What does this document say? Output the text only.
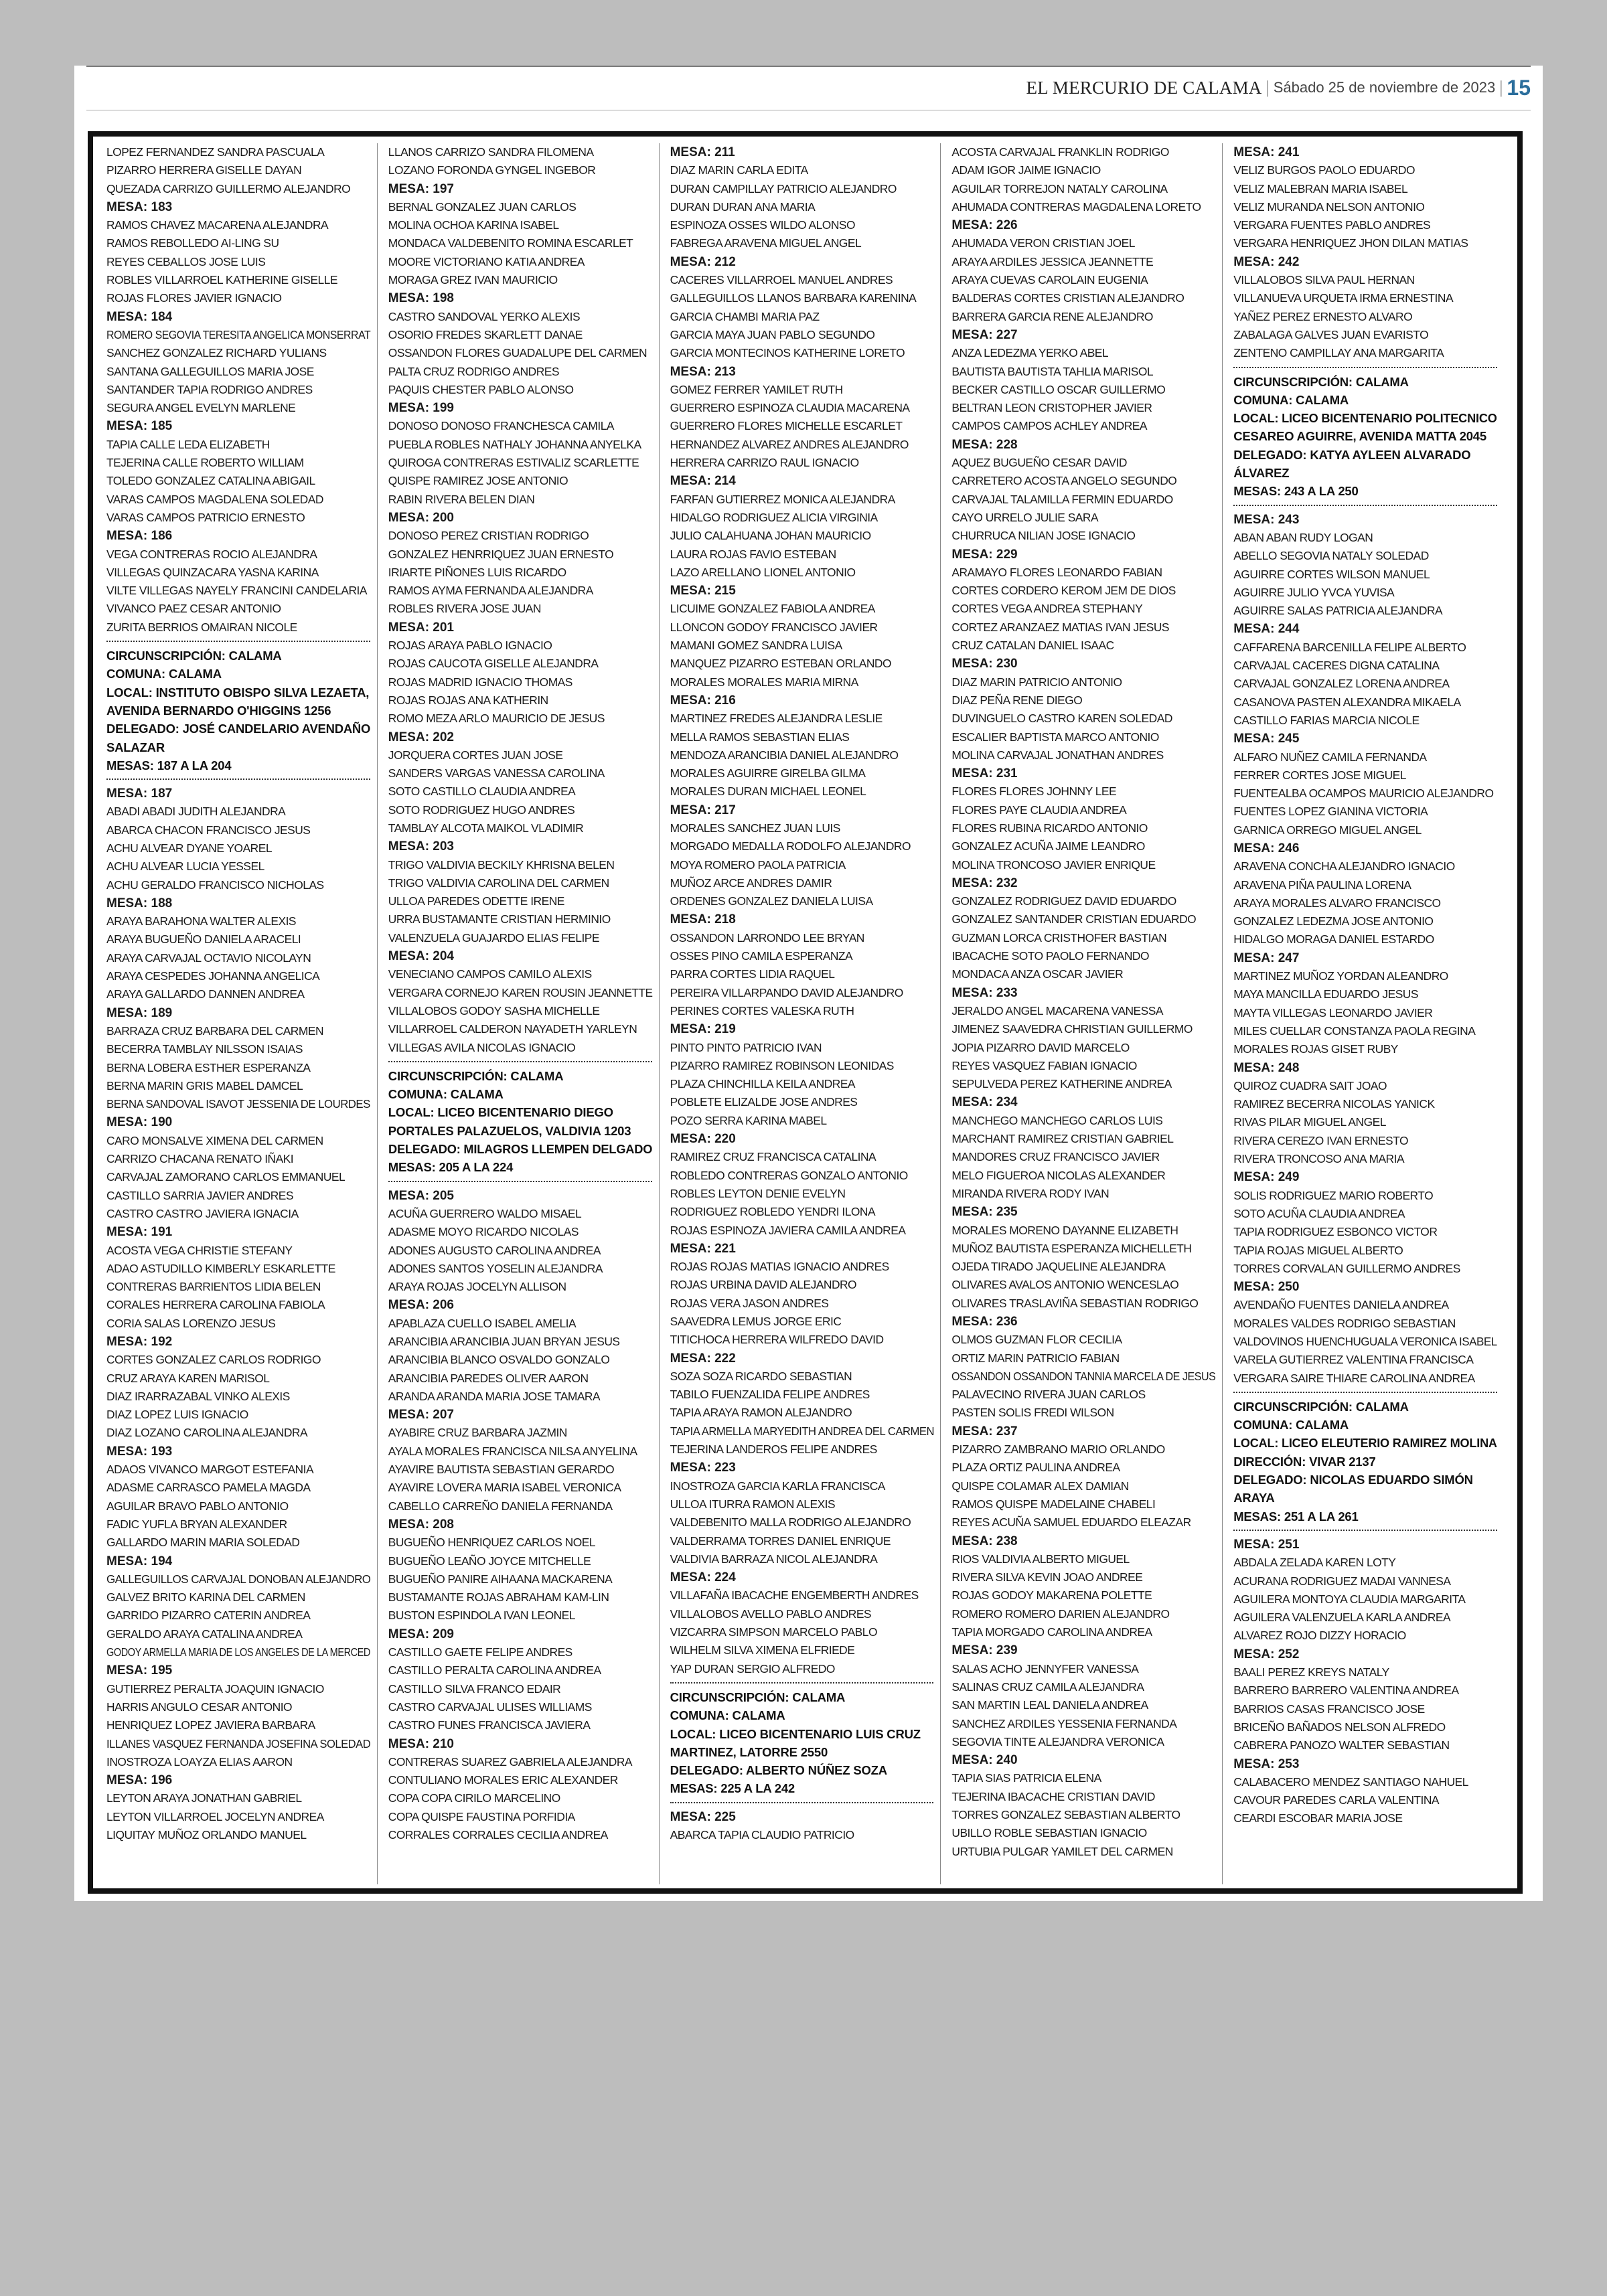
EL MERCURIO DE CALAMA | Sábado 25 de noviembre de 2023 | 15
LOPEZ FERNANDEZ SANDRA PASCUALA
PIZARRO HERRERA GISELLE DAYAN
QUEZADA CARRIZO GUILLERMO ALEJANDRO
MESA: 183
RAMOS CHAVEZ MACARENA ALEJANDRA
RAMOS REBOLLEDO AI-LING SU
REYES CEBALLOS JOSE LUIS
ROBLES VILLARROEL KATHERINE GISELLE
ROJAS FLORES JAVIER IGNACIO
MESA: 184
ROMERO SEGOVIA TERESITA ANGELICA MONSERRAT
SANCHEZ GONZALEZ RICHARD YULIANS
SANTANA GALLEGUILLOS MARIA JOSE
SANTANDER TAPIA RODRIGO ANDRES
SEGURA ANGEL EVELYN MARLENE
MESA: 185
TAPIA CALLE LEDA ELIZABETH
TEJERINA CALLE ROBERTO WILLIAM
TOLEDO GONZALEZ CATALINA ABIGAIL
VARAS CAMPOS MAGDALENA SOLEDAD
VARAS CAMPOS PATRICIO ERNESTO
MESA: 186
VEGA CONTRERAS ROCIO ALEJANDRA
VILLEGAS QUINZACARA YASNA KARINA
VILTE VILLEGAS NAYELY FRANCINI CANDELARIA
VIVANCO PAEZ CESAR ANTONIO
ZURITA BERRIOS OMAIRAN NICOLE
CIRCUNSCRIPCIÓN: CALAMA
COMUNA: CALAMA
LOCAL: INSTITUTO OBISPO SILVA LEZAETA,
AVENIDA BERNARDO O'HIGGINS 1256
DELEGADO: JOSÉ CANDELARIO AVENDAÑO
SALAZAR
MESAS: 187 A LA 204
MESA: 187
ABADI ABADI JUDITH ALEJANDRA
ABARCA CHACON FRANCISCO JESUS
ACHU ALVEAR DYANE YOAREL
ACHU ALVEAR LUCIA YESSEL
ACHU GERALDO FRANCISCO NICHOLAS
MESA: 188
ARAYA BARAHONA WALTER ALEXIS
ARAYA BUGUEÑO DANIELA ARACELI
ARAYA CARVAJAL OCTAVIO NICOLAYN
ARAYA CESPEDES JOHANNA ANGELICA
ARAYA GALLARDO DANNEN ANDREA
MESA: 189
BARRAZA CRUZ BARBARA DEL CARMEN
BECERRA TAMBLAY NILSSON ISAIAS
BERNA LOBERA ESTHER ESPERANZA
BERNA MARIN GRIS MABEL DAMCEL
BERNA SANDOVAL ISAVOT JESSENIA DE LOURDES
MESA: 190
CARO MONSALVE XIMENA DEL CARMEN
CARRIZO CHACANA RENATO IÑAKI
CARVAJAL ZAMORANO CARLOS EMMANUEL
CASTILLO SARRIA JAVIER ANDRES
CASTRO CASTRO JAVIERA IGNACIA
MESA: 191
ACOSTA VEGA CHRISTIE STEFANY
ADAO ASTUDILLO KIMBERLY ESKARLETTE
CONTRERAS BARRIENTOS LIDIA BELEN
CORALES HERRERA CAROLINA FABIOLA
CORIA SALAS LORENZO JESUS
MESA: 192
CORTES GONZALEZ CARLOS RODRIGO
CRUZ ARAYA KAREN MARISOL
DIAZ IRARRAZABAL VINKO ALEXIS
DIAZ LOPEZ LUIS IGNACIO
DIAZ LOZANO CAROLINA ALEJANDRA
MESA: 193
ADAOS VIVANCO MARGOT ESTEFANIA
ADASME CARRASCO PAMELA MAGDA
AGUILAR BRAVO PABLO ANTONIO
FADIC YUFLA BRYAN ALEXANDER
GALLARDO MARIN MARIA SOLEDAD
MESA: 194
GALLEGUILLOS CARVAJAL DONOBAN ALEJANDRO
GALVEZ BRITO KARINA DEL CARMEN
GARRIDO PIZARRO CATERIN ANDREA
GERALDO ARAYA CATALINA ANDREA
GODOY ARMELLA MARIA DE LOS ANGELES DE LA MERCED
MESA: 195
GUTIERREZ PERALTA JOAQUIN IGNACIO
HARRIS ANGULO CESAR ANTONIO
HENRIQUEZ LOPEZ JAVIERA BARBARA
ILLANES VASQUEZ FERNANDA JOSEFINA SOLEDAD
INOSTROZA LOAYZA ELIAS AARON
MESA: 196
LEYTON ARAYA JONATHAN GABRIEL
LEYTON VILLARROEL JOCELYN ANDREA
LIQUITAY MUÑOZ ORLANDO MANUEL
LLANOS CARRIZO SANDRA FILOMENA
LOZANO FORONDA GYNGEL INGEBOR
MESA: 197
BERNAL GONZALEZ JUAN CARLOS
MOLINA OCHOA KARINA ISABEL
MONDACA VALDEBENITO ROMINA ESCARLET
MOORE VICTORIANO KATIA ANDREA
MORAGA GREZ IVAN MAURICIO
MESA: 198
CASTRO SANDOVAL YERKO ALEXIS
OSORIO FREDES SKARLETT DANAE
OSSANDON FLORES GUADALUPE DEL CARMEN
PALTA CRUZ RODRIGO ANDRES
PAQUIS CHESTER PABLO ALONSO
MESA: 199
DONOSO DONOSO FRANCHESCA CAMILA
PUEBLA ROBLES NATHALY JOHANNA ANYELKA
QUIROGA CONTRERAS ESTIVALIZ SCARLETTE
QUISPE RAMIREZ JOSE ANTONIO
RABIN RIVERA BELEN DIAN
MESA: 200
DONOSO PEREZ CRISTIAN RODRIGO
GONZALEZ HENRRIQUEZ JUAN ERNESTO
IRIARTE PIÑONES LUIS RICARDO
RAMOS AYMA FERNANDA ALEJANDRA
ROBLES RIVERA JOSE JUAN
MESA: 201
ROJAS ARAYA PABLO IGNACIO
ROJAS CAUCOTA GISELLE ALEJANDRA
ROJAS MADRID IGNACIO THOMAS
ROJAS ROJAS ANA KATHERIN
ROMO MEZA ARLO MAURICIO DE JESUS
MESA: 202
JORQUERA CORTES JUAN JOSE
SANDERS VARGAS VANESSA CAROLINA
SOTO CASTILLO CLAUDIA ANDREA
SOTO RODRIGUEZ HUGO ANDRES
TAMBLAY ALCOTA MAIKOL VLADIMIR
MESA: 203
TRIGO VALDIVIA BECKILY KHRISNA BELEN
TRIGO VALDIVIA CAROLINA DEL CARMEN
ULLOA PAREDES ODETTE IRENE
URRA BUSTAMANTE CRISTIAN HERMINIO
VALENZUELA GUAJARDO ELIAS FELIPE
MESA: 204
VENECIANO CAMPOS CAMILO ALEXIS
VERGARA CORNEJO KAREN ROUSIN JEANNETTE
VILLALOBOS GODOY SASHA MICHELLE
VILLARROEL CALDERON NAYADETH YARLEYN
VILLEGAS AVILA NICOLAS IGNACIO
CIRCUNSCRIPCIÓN: CALAMA
COMUNA: CALAMA
LOCAL: LICEO BICENTENARIO DIEGO
PORTALES PALAZUELOS, VALDIVIA 1203
DELEGADO: MILAGROS LLEMPEN DELGADO
MESAS: 205 A LA 224
MESA: 205
ACUÑA GUERRERO WALDO MISAEL
ADASME MOYO RICARDO NICOLAS
ADONES AUGUSTO CAROLINA ANDREA
ADONES SANTOS YOSELIN ALEJANDRA
ARAYA ROJAS JOCELYN ALLISON
MESA: 206
APABLAZA CUELLO ISABEL AMELIA
ARANCIBIA ARANCIBIA JUAN BRYAN JESUS
ARANCIBIA BLANCO OSVALDO GONZALO
ARANCIBIA PAREDES OLIVER AARON
ARANDA ARANDA MARIA JOSE TAMARA
MESA: 207
AYABIRE CRUZ BARBARA JAZMIN
AYALA MORALES FRANCISCA NILSA ANYELINA
AYAVIRE BAUTISTA SEBASTIAN GERARDO
AYAVIRE LOVERA MARIA ISABEL VERONICA
CABELLO CARREÑO DANIELA FERNANDA
MESA: 208
BUGUEÑO HENRIQUEZ CARLOS NOEL
BUGUEÑO LEAÑO JOYCE MITCHELLE
BUGUEÑO PANIRE AIHAANA MACKARENA
BUSTAMANTE ROJAS ABRAHAM KAM-LIN
BUSTON ESPINDOLA IVAN LEONEL
MESA: 209
CASTILLO GAETE FELIPE ANDRES
CASTILLO PERALTA CAROLINA ANDREA
CASTILLO SILVA FRANCO EDAIR
CASTRO CARVAJAL ULISES WILLIAMS
CASTRO FUNES FRANCISCA JAVIERA
MESA: 210
CONTRERAS SUAREZ GABRIELA ALEJANDRA
CONTULIANO MORALES ERIC ALEXANDER
COPA COPA CIRILO MARCELINO
COPA QUISPE FAUSTINA PORFIDIA
CORRALES CORRALES CECILIA ANDREA
MESA: 211
DIAZ MARIN CARLA EDITA
DURAN CAMPILLAY PATRICIO ALEJANDRO
DURAN DURAN ANA MARIA
ESPINOZA OSSES WILDO ALONSO
FABREGA ARAVENA MIGUEL ANGEL
MESA: 212
CACERES VILLARROEL MANUEL ANDRES
GALLEGUILLOS LLANOS BARBARA KARENINA
GARCIA CHAMBI MARIA PAZ
GARCIA MAYA JUAN PABLO SEGUNDO
GARCIA MONTECINOS KATHERINE LORETO
MESA: 213
GOMEZ FERRER YAMILET RUTH
GUERRERO ESPINOZA CLAUDIA MACARENA
GUERRERO FLORES MICHELLE ESCARLET
HERNANDEZ ALVAREZ ANDRES ALEJANDRO
HERRERA CARRIZO RAUL IGNACIO
MESA: 214
FARFAN GUTIERREZ MONICA ALEJANDRA
HIDALGO RODRIGUEZ ALICIA VIRGINIA
JULIO CALAHUANA JOHAN MAURICIO
LAURA ROJAS FAVIO ESTEBAN
LAZO ARELLANO LIONEL ANTONIO
MESA: 215
LICUIME GONZALEZ FABIOLA ANDREA
LLONCON GODOY FRANCISCO JAVIER
MAMANI GOMEZ SANDRA LUISA
MANQUEZ PIZARRO ESTEBAN ORLANDO
MORALES MORALES MARIA MIRNA
MESA: 216
MARTINEZ FREDES ALEJANDRA LESLIE
MELLA RAMOS SEBASTIAN ELIAS
MENDOZA ARANCIBIA DANIEL ALEJANDRO
MORALES AGUIRRE GIRELBA GILMA
MORALES DURAN MICHAEL LEONEL
MESA: 217
MORALES SANCHEZ JUAN LUIS
MORGADO MEDALLA RODOLFO ALEJANDRO
MOYA ROMERO PAOLA PATRICIA
MUÑOZ ARCE ANDRES DAMIR
ORDENES GONZALEZ DANIELA LUISA
MESA: 218
OSSANDON LARRONDO LEE BRYAN
OSSES PINO CAMILA ESPERANZA
PARRA CORTES LIDIA RAQUEL
PEREIRA VILLARPANDO DAVID ALEJANDRO
PERINES CORTES VALESKA RUTH
MESA: 219
PINTO PINTO PATRICIO IVAN
PIZARRO RAMIREZ ROBINSON LEONIDAS
PLAZA CHINCHILLA KEILA ANDREA
POBLETE ELIZALDE JOSE ANDRES
POZO SERRA KARINA MABEL
MESA: 220
RAMIREZ CRUZ FRANCISCA CATALINA
ROBLEDO CONTRERAS GONZALO ANTONIO
ROBLES LEYTON DENIE EVELYN
RODRIGUEZ ROBLEDO YENDRI ILONA
ROJAS ESPINOZA JAVIERA CAMILA ANDREA
MESA: 221
ROJAS ROJAS MATIAS IGNACIO ANDRES
ROJAS URBINA DAVID ALEJANDRO
ROJAS VERA JASON ANDRES
SAAVEDRA LEMUS JORGE ERIC
TITICHOCA HERRERA WILFREDO DAVID
MESA: 222
SOZA SOZA RICARDO SEBASTIAN
TABILO FUENZALIDA FELIPE ANDRES
TAPIA ARAYA RAMON ALEJANDRO
TAPIA ARMELLA MARYEDITH ANDREA DEL CARMEN
TEJERINA LANDEROS FELIPE ANDRES
MESA: 223
INOSTROZA GARCIA KARLA FRANCISCA
ULLOA ITURRA RAMON ALEXIS
VALDEBENITO MALLA RODRIGO ALEJANDRO
VALDERRAMA TORRES DANIEL ENRIQUE
VALDIVIA BARRAZA NICOL ALEJANDRA
MESA: 224
VILLAFAÑA IBACACHE ENGEMBERTH ANDRES
VILLALOBOS AVELLO PABLO ANDRES
VIZCARRA SIMPSON MARCELO PABLO
WILHELM SILVA XIMENA ELFRIEDE
YAP DURAN SERGIO ALFREDO
CIRCUNSCRIPCIÓN: CALAMA
COMUNA: CALAMA
LOCAL: LICEO BICENTENARIO LUIS CRUZ
MARTINEZ, LATORRE 2550
DELEGADO: ALBERTO NÚÑEZ SOZA
MESAS: 225 A LA 242
MESA: 225
ABARCA TAPIA CLAUDIO PATRICIO
ACOSTA CARVAJAL FRANKLIN RODRIGO
ADAM IGOR JAIME IGNACIO
AGUILAR TORREJON NATALY CAROLINA
AHUMADA CONTRERAS MAGDALENA LORETO
MESA: 226
AHUMADA VERON CRISTIAN JOEL
ARAYA ARDILES JESSICA JEANNETTE
ARAYA CUEVAS CAROLAIN EUGENIA
BALDERAS CORTES CRISTIAN ALEJANDRO
BARRERA GARCIA RENE ALEJANDRO
MESA: 227
ANZA LEDEZMA YERKO ABEL
BAUTISTA BAUTISTA TAHLIA MARISOL
BECKER CASTILLO OSCAR GUILLERMO
BELTRAN LEON CRISTOPHER JAVIER
CAMPOS CAMPOS ACHLEY ANDREA
MESA: 228
AQUEZ BUGUEÑO CESAR DAVID
CARRETERO ACOSTA ANGELO SEGUNDO
CARVAJAL TALAMILLA FERMIN EDUARDO
CAYO URRELO JULIE SARA
CHURRUCA NILIAN JOSE IGNACIO
MESA: 229
ARAMAYO FLORES LEONARDO FABIAN
CORTES CORDERO KEROM JEM DE DIOS
CORTES VEGA ANDREA STEPHANY
CORTEZ ARANZAEZ MATIAS IVAN JESUS
CRUZ CATALAN DANIEL ISAAC
MESA: 230
DIAZ MARIN PATRICIO ANTONIO
DIAZ PEÑA RENE DIEGO
DUVINGUELO CASTRO KAREN SOLEDAD
ESCALIER BAPTISTA MARCO ANTONIO
MOLINA CARVAJAL JONATHAN ANDRES
MESA: 231
FLORES FLORES JOHNNY LEE
FLORES PAYE CLAUDIA ANDREA
FLORES RUBINA RICARDO ANTONIO
GONZALEZ ACUÑA JAIME LEANDRO
MOLINA TRONCOSO JAVIER ENRIQUE
MESA: 232
GONZALEZ RODRIGUEZ DAVID EDUARDO
GONZALEZ SANTANDER CRISTIAN EDUARDO
GUZMAN LORCA CRISTHOFER BASTIAN
IBACACHE SOTO PAOLO FERNANDO
MONDACA ANZA OSCAR JAVIER
MESA: 233
JERALDO ANGEL MACARENA VANESSA
JIMENEZ SAAVEDRA CHRISTIAN GUILLERMO
JOPIA PIZARRO DAVID MARCELO
REYES VASQUEZ FABIAN IGNACIO
SEPULVEDA PEREZ KATHERINE ANDREA
MESA: 234
MANCHEGO MANCHEGO CARLOS LUIS
MARCHANT RAMIREZ CRISTIAN GABRIEL
MANDORES CRUZ FRANCISCO JAVIER
MELO FIGUEROA NICOLAS ALEXANDER
MIRANDA RIVERA RODY IVAN
MESA: 235
MORALES MORENO DAYANNE ELIZABETH
MUÑOZ BAUTISTA ESPERANZA MICHELLETH
OJEDA TIRADO JAQUELINE ALEJANDRA
OLIVARES AVALOS ANTONIO WENCESLAO
OLIVARES TRASLAVIÑA SEBASTIAN RODRIGO
MESA: 236
OLMOS GUZMAN FLOR CECILIA
ORTIZ MARIN PATRICIO FABIAN
OSSANDON OSSANDON TANNIA MARCELA DE JESUS
PALAVECINO RIVERA JUAN CARLOS
PASTEN SOLIS FREDI WILSON
MESA: 237
PIZARRO ZAMBRANO MARIO ORLANDO
PLAZA ORTIZ PAULINA ANDREA
QUISPE COLAMAR ALEX DAMIAN
RAMOS QUISPE MADELAINE CHABELI
REYES ACUÑA SAMUEL EDUARDO ELEAZAR
MESA: 238
RIOS VALDIVIA ALBERTO MIGUEL
RIVERA SILVA KEVIN JOAO ANDREE
ROJAS GODOY MAKARENA POLETTE
ROMERO ROMERO DARIEN ALEJANDRO
TAPIA MORGADO CAROLINA ANDREA
MESA: 239
SALAS ACHO JENNYFER VANESSA
SALINAS CRUZ CAMILA ALEJANDRA
SAN MARTIN LEAL DANIELA ANDREA
SANCHEZ ARDILES YESSENIA FERNANDA
SEGOVIA TINTE ALEJANDRA VERONICA
MESA: 240
TAPIA SIAS PATRICIA ELENA
TEJERINA IBACACHE CRISTIAN DAVID
TORRES GONZALEZ SEBASTIAN ALBERTO
UBILLO ROBLE SEBASTIAN IGNACIO
URTUBIA PULGAR YAMILET DEL CARMEN
MESA: 241
VELIZ BURGOS PAOLO EDUARDO
VELIZ MALEBRAN MARIA ISABEL
VELIZ MURANDA NELSON ANTONIO
VERGARA FUENTES PABLO ANDRES
VERGARA HENRIQUEZ JHON DILAN MATIAS
MESA: 242
VILLALOBOS SILVA PAUL HERNAN
VILLANUEVA URQUETA IRMA ERNESTINA
YAÑEZ PEREZ ERNESTO ALVARO
ZABALAGA GALVES JUAN EVARISTO
ZENTENO CAMPILLAY ANA MARGARITA
CIRCUNSCRIPCIÓN: CALAMA
COMUNA: CALAMA
LOCAL: LICEO BICENTENARIO POLITECNICO
CESAREO AGUIRRE, AVENIDA MATTA 2045
DELEGADO: KATYA AYLEEN ALVARADO
ÁLVAREZ
MESAS: 243 A LA 250
MESA: 243
ABAN ABAN RUDY LOGAN
ABELLO SEGOVIA NATALY SOLEDAD
AGUIRRE CORTES WILSON MANUEL
AGUIRRE JULIO YVCA YUVISA
AGUIRRE SALAS PATRICIA ALEJANDRA
MESA: 244
CAFFARENA BARCENILLA FELIPE ALBERTO
CARVAJAL CACERES DIGNA CATALINA
CARVAJAL GONZALEZ LORENA ANDREA
CASANOVA PASTEN ALEXANDRA MIKAELA
CASTILLO FARIAS MARCIA NICOLE
MESA: 245
ALFARO NUÑEZ CAMILA FERNANDA
FERRER CORTES JOSE MIGUEL
FUENTEALBA OCAMPOS MAURICIO ALEJANDRO
FUENTES LOPEZ GIANINA VICTORIA
GARNICA ORREGO MIGUEL ANGEL
MESA: 246
ARAVENA CONCHA ALEJANDRO IGNACIO
ARAVENA PIÑA PAULINA LORENA
ARAYA MORALES ALVARO FRANCISCO
GONZALEZ LEDEZMA JOSE ANTONIO
HIDALGO MORAGA DANIEL ESTARDO
MESA: 247
MARTINEZ MUÑOZ YORDAN ALEANDRO
MAYA MANCILLA EDUARDO JESUS
MAYTA VILLEGAS LEONARDO JAVIER
MILES CUELLAR CONSTANZA PAOLA REGINA
MORALES ROJAS GISET RUBY
MESA: 248
QUIROZ CUADRA SAIT JOAO
RAMIREZ BECERRA NICOLAS YANICK
RIVAS PILAR MIGUEL ANGEL
RIVERA CEREZO IVAN ERNESTO
RIVERA TRONCOSO ANA MARIA
MESA: 249
SOLIS RODRIGUEZ MARIO ROBERTO
SOTO ACUÑA CLAUDIA ANDREA
TAPIA RODRIGUEZ ESBONCO VICTOR
TAPIA ROJAS MIGUEL ALBERTO
TORRES CORVALAN GUILLERMO ANDRES
MESA: 250
AVENDAÑO FUENTES DANIELA ANDREA
MORALES VALDES RODRIGO SEBASTIAN
VALDOVINOS HUENCHUGUALA VERONICA ISABEL
VARELA GUTIERREZ VALENTINA FRANCISCA
VERGARA SAIRE THIARE CAROLINA ANDREA
CIRCUNSCRIPCIÓN: CALAMA
COMUNA: CALAMA
LOCAL: LICEO ELEUTERIO RAMIREZ MOLINA
DIRECCIÓN: VIVAR 2137
DELEGADO: NICOLAS EDUARDO SIMÓN
ARAYA
MESAS: 251 A LA 261
MESA: 251
ABDALA ZELADA KAREN LOTY
ACURANA RODRIGUEZ MADAI VANNESA
AGUILERA MONTOYA CLAUDIA MARGARITA
AGUILERA VALENZUELA KARLA ANDREA
ALVAREZ ROJO DIZZY HORACIO
MESA: 252
BAALI PEREZ KREYS NATALY
BARRERO BARRERO VALENTINA ANDREA
BARRIOS CASAS FRANCISCO JOSE
BRICEÑO BAÑADOS NELSON ALFREDO
CABRERA PANOZO WALTER SEBASTIAN
MESA: 253
CALABACERO MENDEZ SANTIAGO NAHUEL
CAVOUR PAREDES CARLA VALENTINA
CEARDI ESCOBAR MARIA JOSE
